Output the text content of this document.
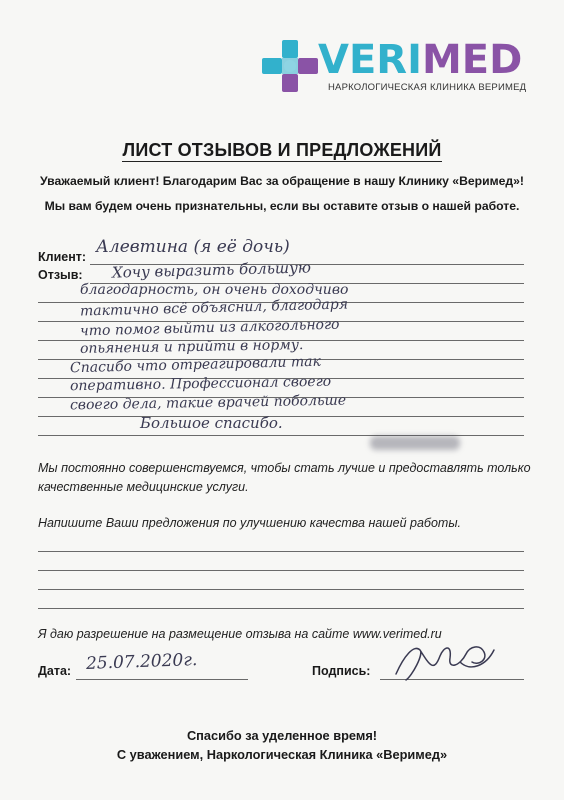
VERIMED
НАРКОЛОГИЧЕСКАЯ КЛИНИКА ВЕРИМЕД
ЛИСТ ОТЗЫВОВ И ПРЕДЛОЖЕНИЙ
Уважаемый клиент! Благодарим Вас за обращение в нашу Клинику «Веримед»!
Мы вам будем очень признательны, если вы оставите отзыв о нашей работе.
Клиент: Алевтина (я её дочь)
Отзыв: Хочу выразить большую
благодарность, он очень доходчиво
тактично всё объяснил, благодаря
что помог выйти из алкогольного
опьянения и прийти в норму.
Спасибо что отреагировали так
оперативно. Профессионал своего
своего дела, такие врачей побольше
Большое спасибо.
Мы постоянно совершенствуемся, чтобы стать лучше и предоставлять только
качественные медицинские услуги.
Напишите Ваши предложения по улучшению качества нашей работы.
Я даю разрешение на размещение отзыва на сайте www.verimed.ru
Дата: 25.07.2020г.	Подпись:
Спасибо за уделенное время!
С уважением, Наркологическая Клиника «Веримед»
